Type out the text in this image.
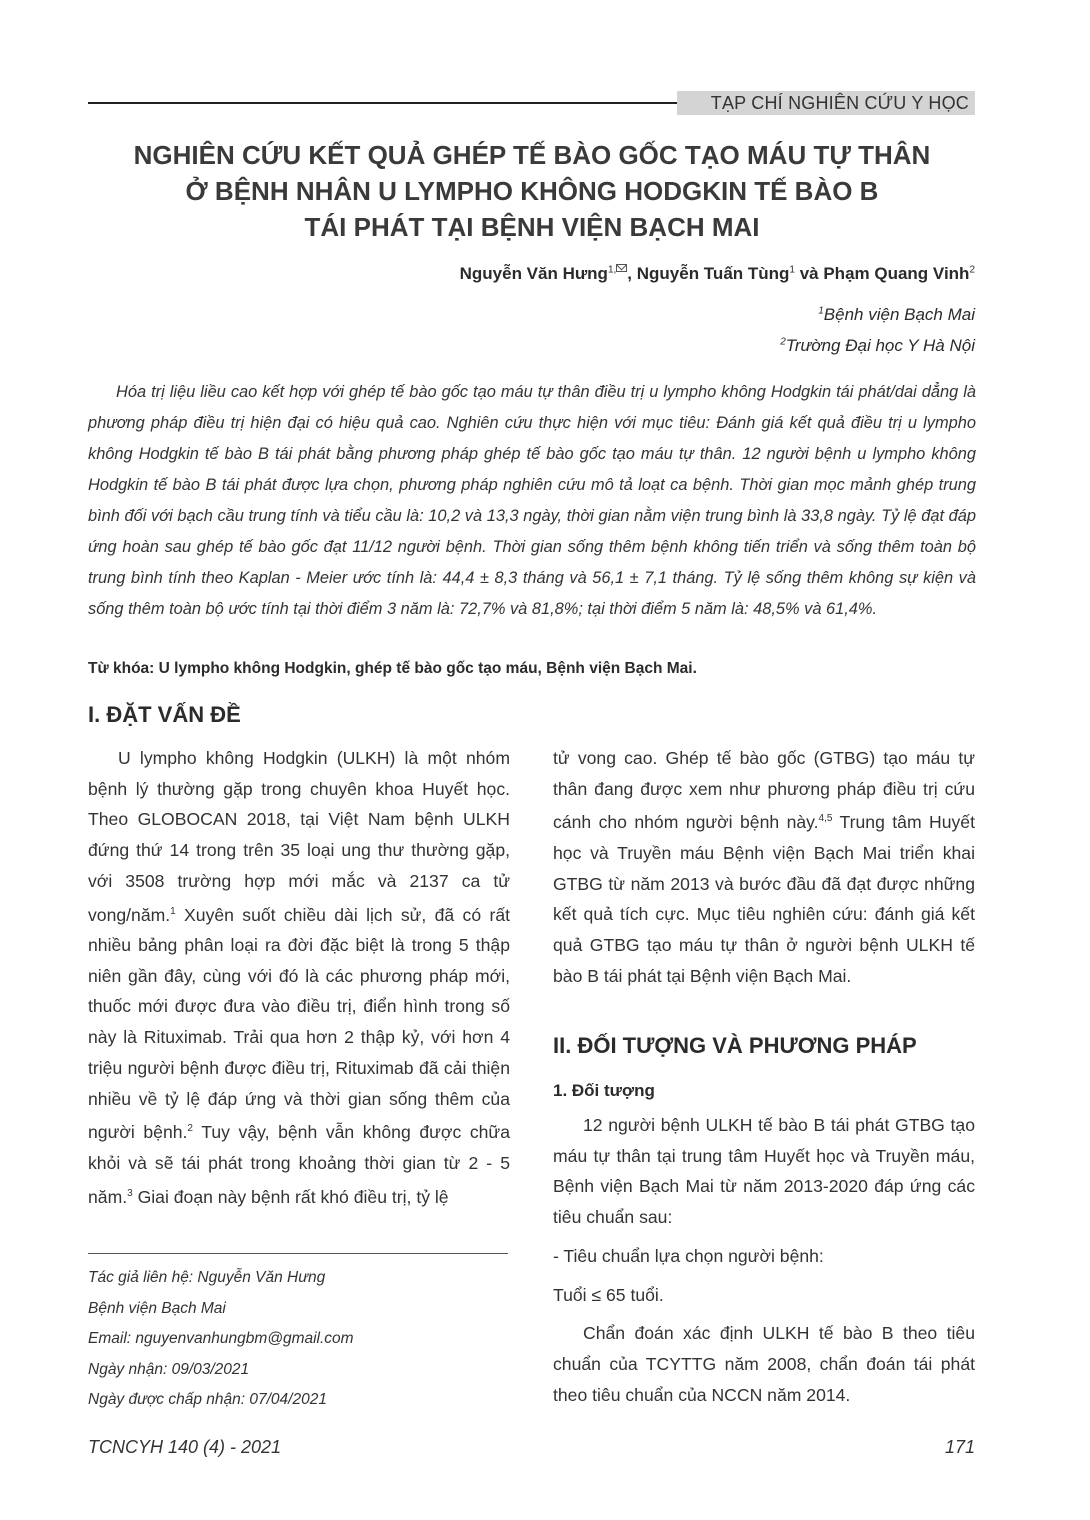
TẠP CHÍ NGHIÊN CỨU Y HỌC
NGHIÊN CỨU KẾT QUẢ GHÉP TẾ BÀO GỐC TẠO MÁU TỰ THÂN
Ở BỆNH NHÂN U LYMPHO KHÔNG HODGKIN TẾ BÀO B
TÁI PHÁT TẠI BỆNH VIỆN BẠCH MAI
Nguyễn Văn Hưng$^{1,}$ , Nguyễn Tuấn Tùng$^1$ và Phạm Quang Vinh$^2$
$^1$Bệnh viện Bạch Mai
$^2$Trường Đại học Y Hà Nội

Hóa trị liệu liều cao kết hợp với ghép tế bào gốc tạo máu tự thân điều trị u lympho không Hodgkin tái phát/dai dẳng là phương pháp điều trị hiện đại có hiệu quả cao. Nghiên cứu thực hiện với mục tiêu: Đánh giá kết quả điều trị u lympho không Hodgkin tế bào B tái phát bằng phương pháp ghép tế bào gốc tạo máu tự thân. 12 người bệnh u lympho không Hodgkin tế bào B tái phát được lựa chọn, phương pháp nghiên cứu mô tả loạt ca bệnh. Thời gian mọc mảnh ghép trung bình đối với bạch cầu trung tính và tiểu cầu là: 10,2 và 13,3 ngày, thời gian nằm viện trung bình là 33,8 ngày. Tỷ lệ đạt đáp ứng hoàn sau ghép tế bào gốc đạt 11/12 người bệnh. Thời gian sống thêm bệnh không tiến triển và sống thêm toàn bộ trung bình tính theo Kaplan - Meier ước tính là: 44,4 ± 8,3 tháng và 56,1 ± 7,1 tháng. Tỷ lệ sống thêm không sự kiện và sống thêm toàn bộ ước tính tại thời điểm 3 năm là: 72,7% và 81,8%; tại thời điểm 5 năm là: 48,5% và 61,4%.

Từ khóa: U lympho không Hodgkin, ghép tế bào gốc tạo máu, Bệnh viện Bạch Mai.
I. ĐẶT VẤN ĐỀ

U lympho không Hodgkin (ULKH) là một nhóm bệnh lý thường gặp trong chuyên khoa Huyết học. Theo GLOBOCAN 2018, tại Việt Nam bệnh ULKH đứng thứ 14 trong trên 35 loại ung thư thường gặp, với 3508 trường hợp mới mắc và 2137 ca tử vong/năm.$^1$ Xuyên suốt chiều dài lịch sử, đã có rất nhiều bảng phân loại ra đời đặc biệt là trong 5 thập niên gần đây, cùng với đó là các phương pháp mới, thuốc mới được đưa vào điều trị, điển hình trong số này là Rituximab. Trải qua hơn 2 thập kỷ, với hơn 4 triệu người bệnh được điều trị, Rituximab đã cải thiện nhiều về tỷ lệ đáp ứng và thời gian sống thêm của người bệnh.$^2$ Tuy vậy, bệnh vẫn không được chữa khỏi và sẽ tái phát trong khoảng thời gian từ 2 - 5 năm.$^3$ Giai đoạn này bệnh rất khó điều trị, tỷ lệ

tử vong cao. Ghép tế bào gốc (GTBG) tạo máu tự thân đang được xem như phương pháp điều trị cứu cánh cho nhóm người bệnh này.$^{4,5}$ Trung tâm Huyết học và Truyền máu Bệnh viện Bạch Mai triển khai GTBG từ năm 2013 và bước đầu đã đạt được những kết quả tích cực. Mục tiêu nghiên cứu: đánh giá kết quả GTBG tạo máu tự thân ở người bệnh ULKH tế bào B tái phát tại Bệnh viện Bạch Mai.

II. ĐỐI TƯỢNG VÀ PHƯƠNG PHÁP
1. Đối tượng

12 người bệnh ULKH tế bào B tái phát GTBG tạo máu tự thân tại trung tâm Huyết học và Truyền máu, Bệnh viện Bạch Mai từ năm 2013-2020 đáp ứng các tiêu chuẩn sau:

- Tiêu chuẩn lựa chọn người bệnh:

Tuổi ≤ 65 tuổi.

Chẩn đoán xác định ULKH tế bào B theo tiêu chuẩn của TCYTTG năm 2008, chẩn đoán tái phát theo tiêu chuẩn của NCCN năm 2014.

Tác giả liên hệ: Nguyễn Văn Hưng
Bệnh viện Bạch Mai
Email: nguyenvanhungbm@gmail.com
Ngày nhận: 09/03/2021
Ngày được chấp nhận: 07/04/2021
TCNCYH 140 (4) - 2021	171
